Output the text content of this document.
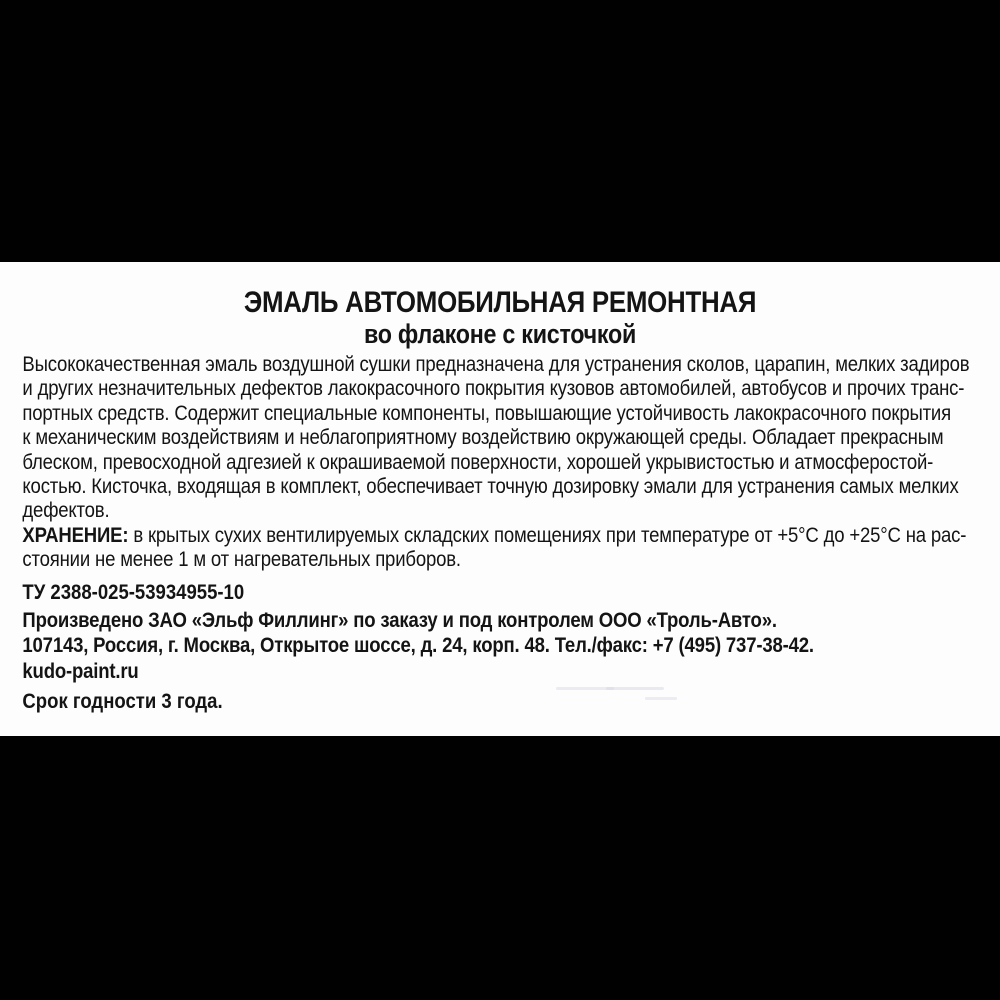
ЭМАЛЬ АВТОМОБИЛЬНАЯ РЕМОНТНАЯ
во флаконе с кисточкой
Высококачественная эмаль воздушной сушки предназначена для устранения сколов, царапин, мелких задиров
и других незначительных дефектов лакокрасочного покрытия кузовов автомобилей, автобусов и прочих транс-
портных средств. Содержит специальные компоненты, повышающие устойчивость лакокрасочного покрытия
к механическим воздействиям и неблагоприятному воздействию окружающей среды. Обладает прекрасным
блеском, превосходной адгезией к окрашиваемой поверхности, хорошей укрывистостью и атмосферостой-
костью. Кисточка, входящая в комплект, обеспечивает точную дозировку эмали для устранения самых мелких
дефектов.
ХРАНЕНИЕ: в крытых сухих вентилируемых складских помещениях при температуре от +5°С до +25°С на рас-
стоянии не менее 1 м от нагревательных приборов.
ТУ 2388-025-53934955-10
Произведено ЗАО «Эльф Филлинг» по заказу и под контролем ООО «Троль-Авто».
107143, Россия, г. Москва, Открытое шоссе, д. 24, корп. 48. Тел./факс: +7 (495) 737-38-42.
kudo-paint.ru
Срок годности 3 года.
